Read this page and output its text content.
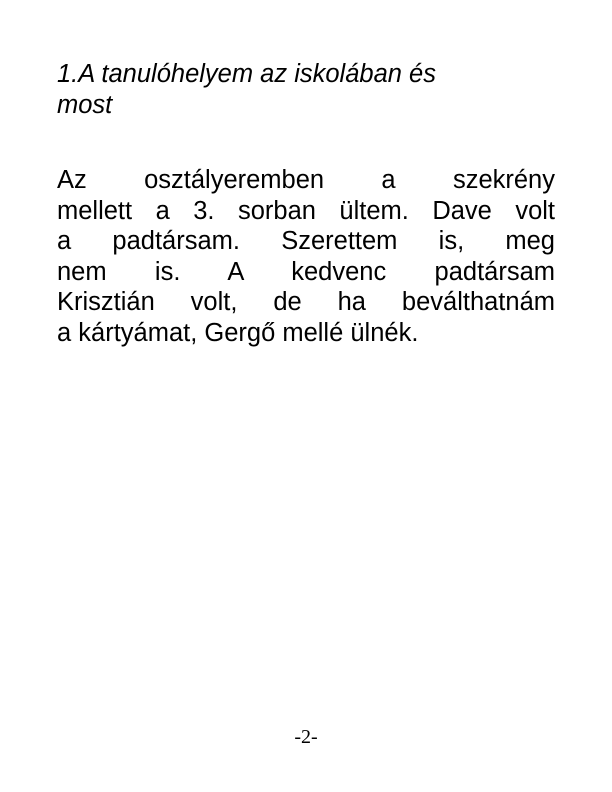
1.A tanulóhelyem az iskolában és
most

Az osztályeremben a szekrény
mellett a 3. sorban ültem. Dave volt
a padtársam. Szerettem is, meg
nem is. A kedvenc padtársam
Krisztián volt, de ha beválthatnám
a kártyámat, Gergő mellé ülnék.

-2-
